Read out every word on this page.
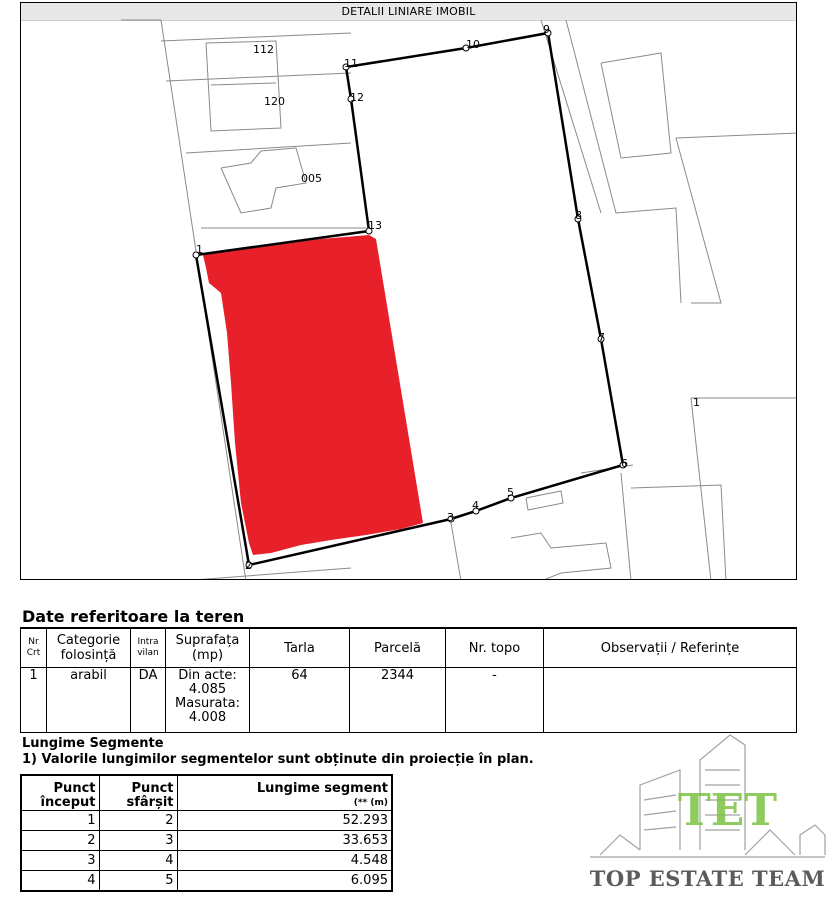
DETALII LINIARE IMOBIL
1
2
3
4
5
6
7
8
9
10
11
12
13
112
120
005
1
Date referitoare la teren
Nr Crt	Categorie folosință	Intra vilan	Suprafața (mp)	Tarla	Parcelă	Nr. topo	Observații / Referințe
1	arabil	DA	Din acte:
4.085
Masurata:
4.008	64	2344	-	
Lungime Segmente
1) Valorile lungimilor segmentelor sunt obținute din proiecție în plan.
Punct început	Punct sfârșit	Lungime segment
(** (m)

1	2	52.293
2	3	33.653
3	4	4.548
4	5	6.095
TET
TOP ESTATE TEAM
